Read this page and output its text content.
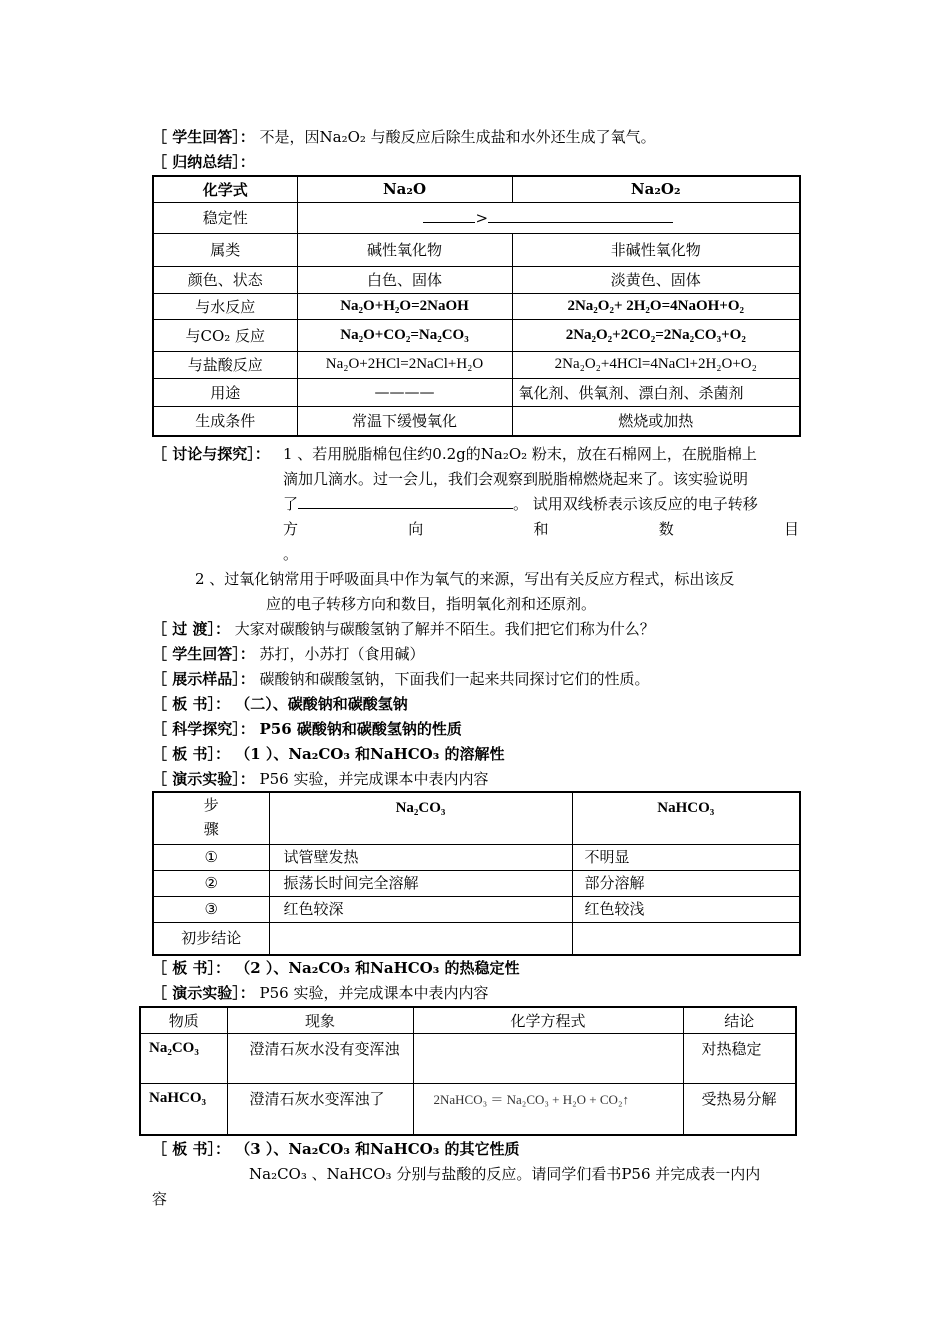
［ 学生回答］： 不是，因Na₂O₂ 与酸反应后除生成盐和水外还生成了氧气。
［ 归纳总结］：
化学式	Na₂O	Na₂O₂
稳定性	>	
属类	碱性氧化物	非碱性氧化物
颜色、状态	白色、固体	淡黄色、固体
与水反应	Na₂O+H₂O=2NaOH	2Na₂O₂+ 2H₂O=4NaOH+O₂
与CO₂ 反应	Na₂O+CO₂=Na₂CO₃	2Na₂O₂+2CO₂=2Na₂CO₃+O₂
与盐酸反应	Na₂O+2HCl=2NaCl+H₂O	2Na₂O₂+4HCl=4NaCl+2H₂O+O₂
用途	————	氧化剂、供氧剂、漂白剂、杀菌剂
生成条件	常温下缓慢氧化	燃烧或加热
［ 讨论与探究］： 1 、若用脱脂棉包住约0.2g的Na₂O₂ 粉末，放在石棉网上，在脱脂棉上
滴加几滴水。过一会儿，我们会观察到脱脂棉燃烧起来了。该实验说明
了	。 试用双线桥表示该反应的电子转移
方	向	和	数	目
。
2 、过氧化钠常用于呼吸面具中作为氧气的来源，写出有关反应方程式，标出该反
应的电子转移方向和数目，指明氧化剂和还原剂。
［ 过 渡］： 大家对碳酸钠与碳酸氢钠了解并不陌生。我们把它们称为什么？
［ 学生回答］： 苏打，小苏打（食用碱）
［ 展示样品］： 碳酸钠和碳酸氢钠，下面我们一起来共同探讨它们的性质。
［ 板 书］： （二）、碳酸钠和碳酸氢钠
［ 科学探究］： P56 碳酸钠和碳酸氢钠的性质
［ 板 书］： （1 ）、Na₂CO₃ 和NaHCO₃ 的溶解性
［ 演示实验］： P56 实验，并完成课本中表内内容
步骤	Na₂CO₃	NaHCO₃
①	试管壁发热	不明显
②	振荡长时间完全溶解	部分溶解
③	红色较深	红色较浅
初步结论		
［ 板 书］： （2 ）、Na₂CO₃ 和NaHCO₃ 的热稳定性
［ 演示实验］： P56 实验，并完成课本中表内内容
物质	现象	化学方程式	结论
Na₂CO₃	澄清石灰水没有变浑浊		对热稳定
NaHCO₃	澄清石灰水变浑浊了	2NaHCO₃ ＝ Na₂CO₃ + H₂O + CO₂↑	受热易分解
［ 板 书］： （3 ）、Na₂CO₃ 和NaHCO₃ 的其它性质
Na₂CO₃ 、NaHCO₃ 分别与盐酸的反应。请同学们看书P56 并完成表一内内
容
